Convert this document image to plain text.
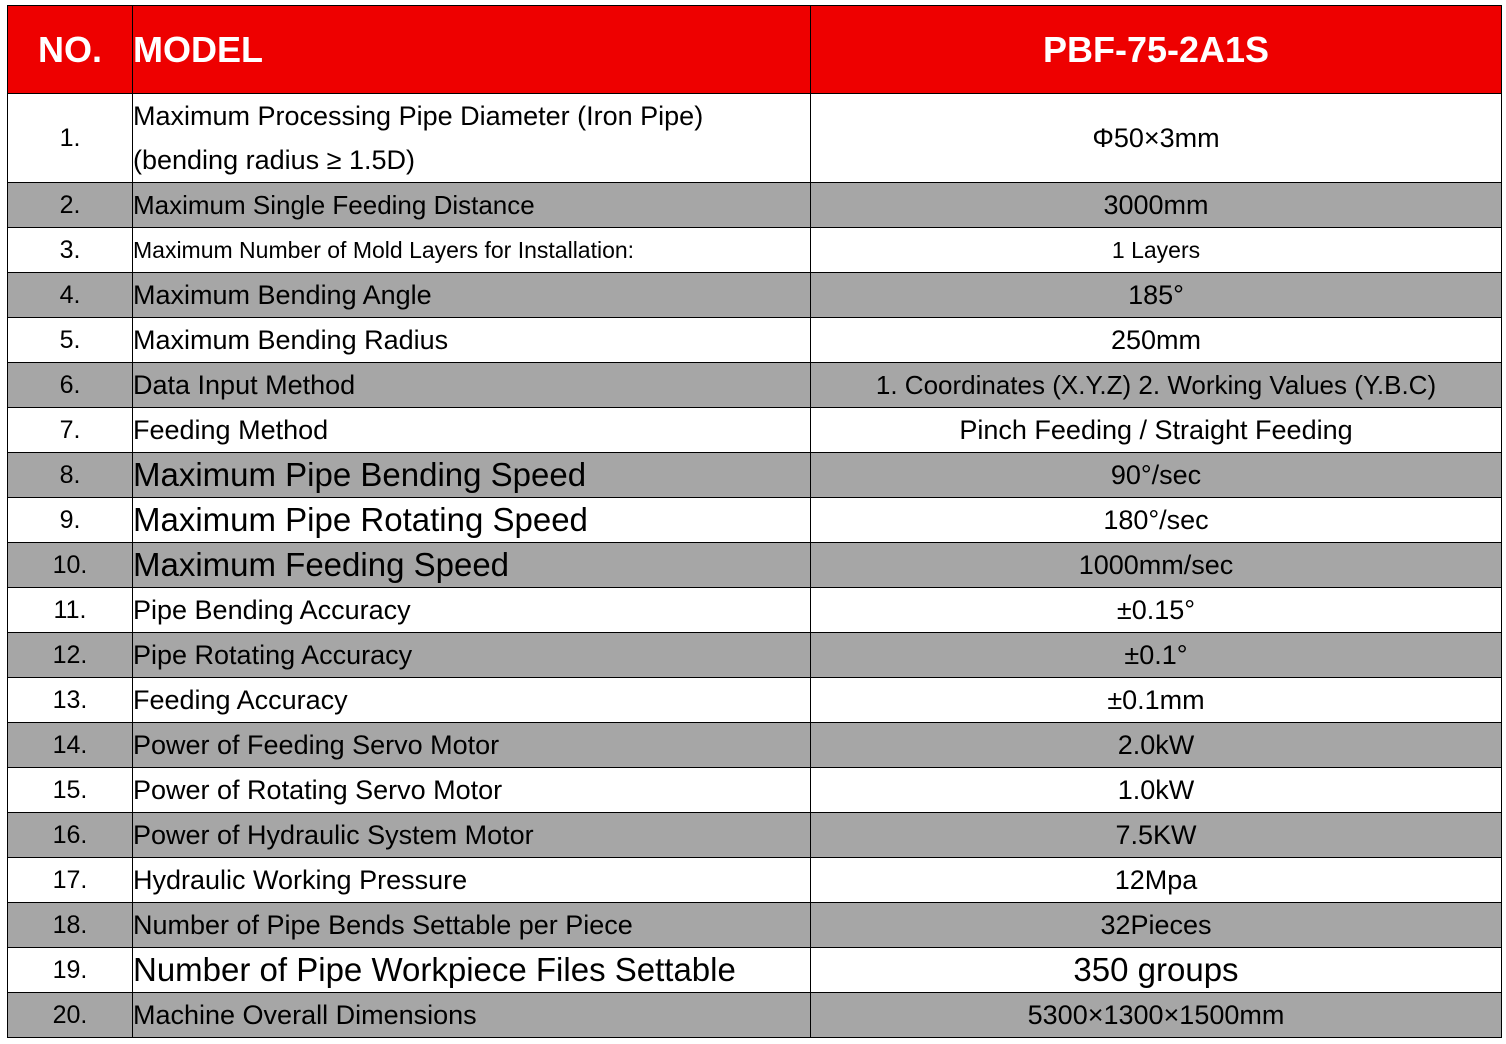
NO.	MODEL	PBF-75-2A1S
1.	Maximum Processing Pipe Diameter (Iron Pipe) (bending radius ≥ 1.5D)	Φ50×3mm
2.	Maximum Single Feeding Distance	3000mm
3.	Maximum Number of Mold Layers for Installation:	1 Layers
4.	Maximum Bending Angle	185°
5.	Maximum Bending Radius	250mm
6.	Data Input Method	1. Coordinates (X.Y.Z) 2. Working Values (Y.B.C)
7.	Feeding Method	Pinch Feeding / Straight Feeding
8.	Maximum Pipe Bending Speed	90°/sec
9.	Maximum Pipe Rotating Speed	180°/sec
10.	Maximum Feeding Speed	1000mm/sec
11.	Pipe Bending Accuracy	±0.15°
12.	Pipe Rotating Accuracy	±0.1°
13.	Feeding Accuracy	±0.1mm
14.	Power of Feeding Servo Motor	2.0kW
15.	Power of Rotating Servo Motor	1.0kW
16.	Power of Hydraulic System Motor	7.5KW
17.	Hydraulic Working Pressure	12Mpa
18.	Number of Pipe Bends Settable per Piece	32Pieces
19.	Number of Pipe Workpiece Files Settable	350 groups
20.	Machine Overall Dimensions	5300×1300×1500mm
